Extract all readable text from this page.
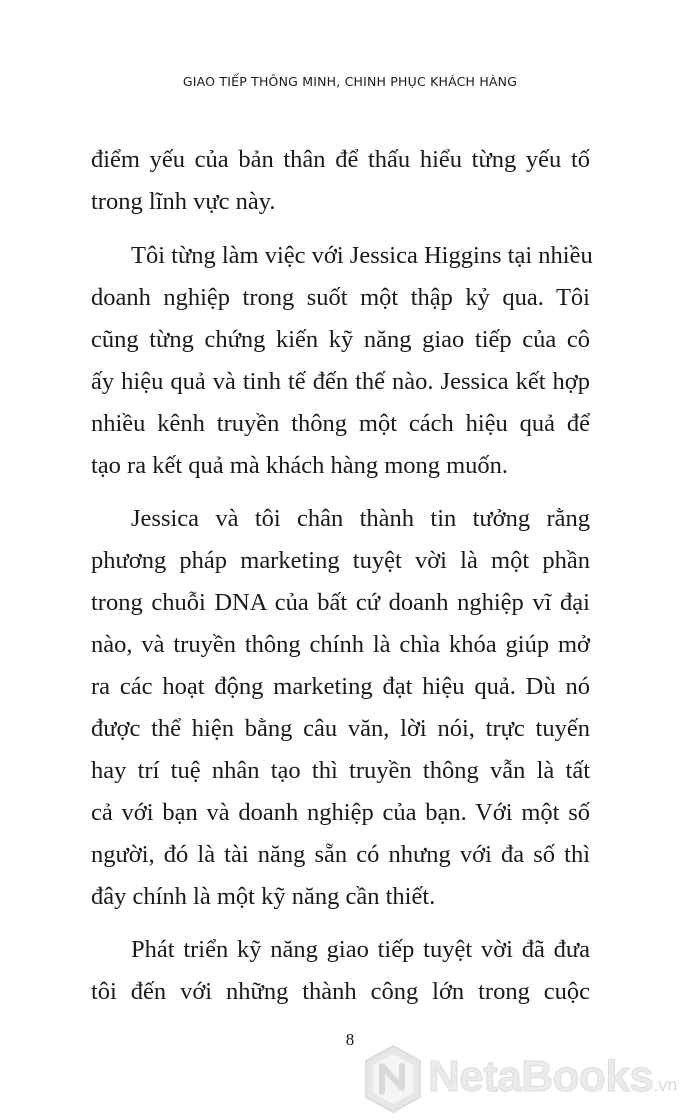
GIAO TIẾP THÔNG MINH, CHINH PHỤC KHÁCH HÀNG
điểm yếu của bản thân để thấu hiểu từng yếu tố
trong lĩnh vực này.
Tôi từng làm việc với Jessica Higgins tại nhiều
doanh nghiệp trong suốt một thập kỷ qua. Tôi
cũng từng chứng kiến kỹ năng giao tiếp của cô
ấy hiệu quả và tinh tế đến thế nào. Jessica kết hợp
nhiều kênh truyền thông một cách hiệu quả để
tạo ra kết quả mà khách hàng mong muốn.
Jessica và tôi chân thành tin tưởng rằng
phương pháp marketing tuyệt vời là một phần
trong chuỗi DNA của bất cứ doanh nghiệp vĩ đại
nào, và truyền thông chính là chìa khóa giúp mở
ra các hoạt động marketing đạt hiệu quả. Dù nó
được thể hiện bằng câu văn, lời nói, trực tuyến
hay trí tuệ nhân tạo thì truyền thông vẫn là tất
cả với bạn và doanh nghiệp của bạn. Với một số
người, đó là tài năng sẵn có nhưng với đa số thì
đây chính là một kỹ năng cần thiết.
Phát triển kỹ năng giao tiếp tuyệt vời đã đưa
tôi đến với những thành công lớn trong cuộc
8
NetaBooks.vn
